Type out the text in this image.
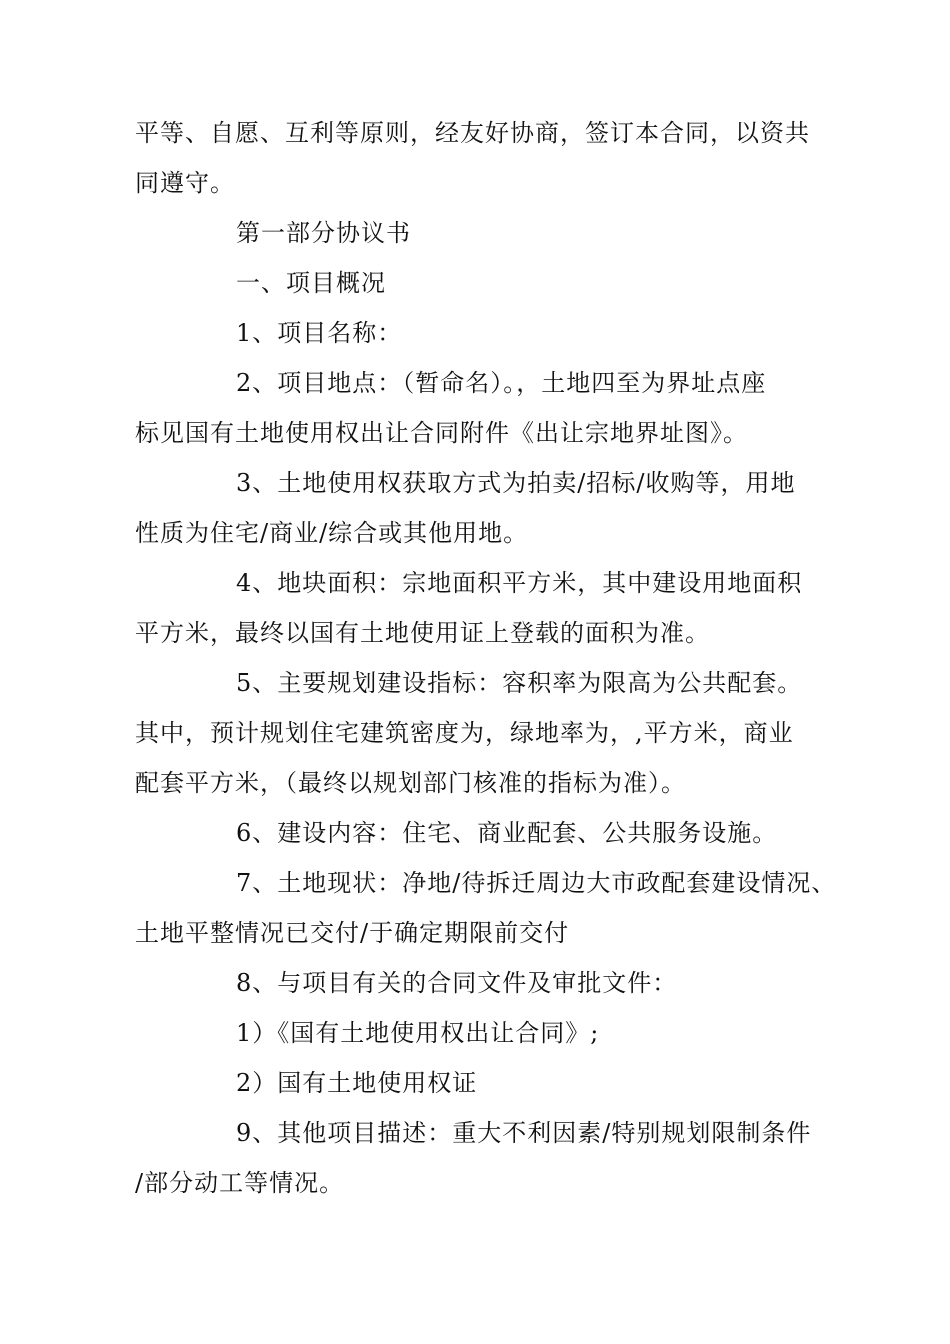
平等、自愿、互利等原则，经友好协商，签订本合同，以资共
同遵守。
第一部分协议书
一、项目概况
1、项目名称：
2、项目地点：（暂命名）。，土地四至为界址点座
标见国有土地使用权出让合同附件《出让宗地界址图》。
3、土地使用权获取方式为拍卖/招标/收购等，用地
性质为住宅/商业/综合或其他用地。
4、地块面积：宗地面积平方米，其中建设用地面积
平方米，最终以国有土地使用证上登载的面积为准。
5、主要规划建设指标：容积率为限高为公共配套。
其中，预计规划住宅建筑密度为，绿地率为，,平方米，商业
配套平方米，（最终以规划部门核准的指标为准）。
6、建设内容：住宅、商业配套、公共服务设施。
7、土地现状：净地/待拆迁周边大市政配套建设情况、
土地平整情况已交付/于确定期限前交付
8、与项目有关的合同文件及审批文件：
1）《国有土地使用权出让合同》;
2）国有土地使用权证
9、其他项目描述：重大不利因素/特别规划限制条件
/部分动工等情况。
